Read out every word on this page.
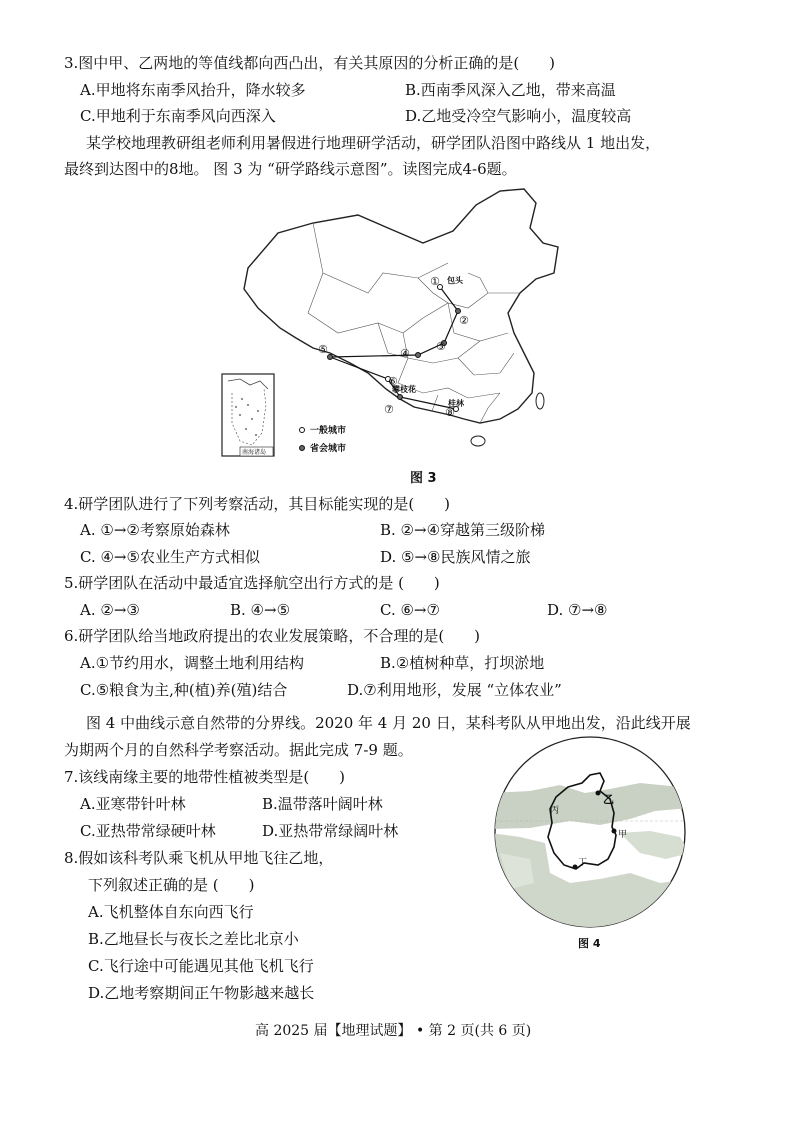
3.图中甲、乙两地的等值线都向西凸出，有关其原因的分析正确的是(　　)
A.甲地将东南季风抬升，降水较多	B.西南季风深入乙地，带来高温
C.甲地利于东南季风向西深入	D.乙地受冷空气影响小，温度较高
某学校地理教研组老师利用暑假进行地理研学活动，研学团队沿图中路线从 1 地出发，
最终到达图中的8地。 图 3 为 “研学路线示意图”。读图完成4-6题。
①
②
③
④
⑤
⑥
⑦	⑧
包头
攀枝花
桂林
南海诸岛
一般城市
省会城市
图 3
4.研学团队进行了下列考察活动，其目标能实现的是(　　)
A. ①→②考察原始森林	B. ②→④穿越第三级阶梯
C. ④→⑤农业生产方式相似	D. ⑤→⑧民族风情之旅
5.研学团队在活动中最适宜选择航空出行方式的是 (　　)
A. ②→③	B. ④→⑤	C. ⑥→⑦	D. ⑦→⑧
6.研学团队给当地政府提出的农业发展策略，不合理的是(　　)
A.①节约用水，调整土地利用结构	B.②植树种草，打坝淤地
C.⑤粮食为主,种(植)养(殖)结合	D.⑦利用地形，发展 “立体农业”
图 4 中曲线示意自然带的分界线。2020 年 4 月 20 日，某科考队从甲地出发，沿此线开展
为期两个月的自然科学考察活动。据此完成 7-9 题。
7.该线南缘主要的地带性植被类型是(　　)
A.亚寒带针叶林	B.温带落叶阔叶林
C.亚热带常绿硬叶林	D.亚热带常绿阔叶林
8.假如该科考队乘飞机从甲地飞往乙地，
下列叙述正确的是 (　　)
A.飞机整体自东向西飞行
B.乙地昼长与夜长之差比北京小
C.飞行途中可能遇见其他飞机飞行
D.乙地考察期间正午物影越来越长
乙
甲
丙
丁
图 4
高 2025 届【地理试题】 • 第 2 页(共 6 页)
